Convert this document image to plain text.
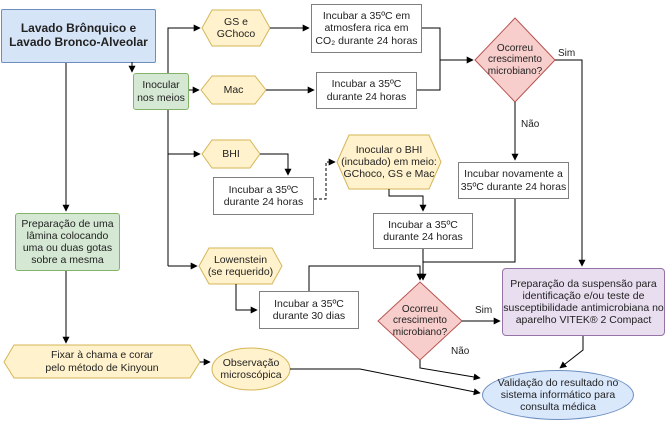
Lavado Brônquico e
Lavado Bronco-Alveolar
Inocular
nos meios
GS e
GChoco
Mac
BHI
Lowenstein
(se requerido)
Incubar a 35ºC em
atmosfera rica em
CO₂ durante 24 horas
Incubar a 35ºC
durante 24 horas
Incubar a 35ºC
durante 24 horas
Inocular o BHI
(incubado) em meio:
GChoco, GS e Mac
Incubar a 35ºC
durante 24 horas
Ocorreu
crescimento
microbiano?
Incubar novamente a
35ºC durante 24 horas
Preparação de uma
lâmina colocando
uma ou duas gotas
sobre a mesma
Incubar a 35ºC
durante 30 dias
Ocorreu
crescimento
microbiano?
Preparação da suspensão para
identificação e/ou teste de
susceptibilidade antimicrobiana no
aparelho VITEK® 2 Compact
Fixar à chama e corar
pelo método de Kinyoun	Observação
microscópica
Validação do resultado no
sistema informático para
consulta médica
Sim
Não
Sim
Não
